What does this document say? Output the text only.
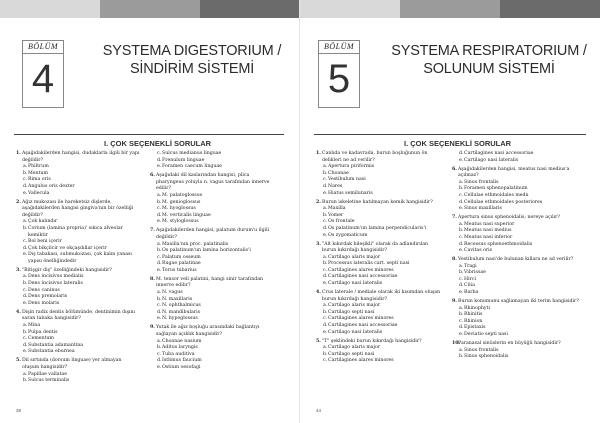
BÖLÜM
4
SYSTEMA DIGESTORIUM /
SİNDİRİM SİSTEMİ
I. ÇOK SEÇENEKLİ SORULAR
1. Aşağıdakilerden hangisi, dudaklarla ilgili bir yapı değildir?
a. Philtrum
b. Mentum
c. Rima oris
d. Angulus oris dexter
e. Vallecula
2. Ağız mukozası ile hareketsiz dişlerde, aşağıdakilerden hangisi gingiva'nın bir özelliği değildir?
a. Çok kalındır
b. Corium (lamina propria)' sıkıca alveolar kemiktir
c. Bol beni içerir
d. Çok bikçilcir ve okçaşdıllar içerir
e. Dış tabakası, submukozası, çok kalın yanası yapısı önelliğindedir
3. "Bitişgir diş" özelliğindeki hangisidir?
a. Dens incisivus medialis
b. Dens incisivus lateralis
c. Dens caninus
d. Dens premolaris
e. Dens molaris
4. Dişin radix dentis bölümünde, dentinimin dışını saran tabaka hangisidir?
a. Mina
b. Pulpa dentis
c. Cementum
d. Substantia adamantina
e. Substantia eburnea
5. Dil sırtında (dorsum linguae) yer almayan oluşum hangisidir?
a. Papillae vallatae
b. Sulcus terminalis
c. Sulcus medianus linguae
d. Frenulum linguae
e. Foramen caecum linguae
6. Aşağıdaki dil kaslarından hangisi, plica pharyngeus yoluyla n. vagus tarafından innerve edilir?
a. M. palatoglossus
b. M. genioglossus
c. M. hyoglossus
d. M. verticalis linguae
e. M. styloglossus
7. Aşağıdakilerden hangisi, palatum durum'u ilgili değildir?
a. Maxilla'nın proc. palatinalis
b. Os palatinum'un lamina horizontalis'i
c. Palatum osseum
d. Rugae palatinae
e. Torus tubarius
8. M. tensor veli palatini, hangi sinir tarafından innerve edilir?
a. N. vagus
b. N. maxillaris
c. N. ophthalmicus
d. N. mandibularis
e. N. hypoglossus
9. Yutak ile ağız boşluğu arasındaki bağlantıyı sağlayan açıklık hangisidir?
a. Choanae nasium
b. Aditus laryngis
c. Tuba auditiva
d. Isthmus faucium
e. Ostium oesofagi
38
BÖLÜM
5
SYSTEMA RESPIRATORIUM /
SOLUNUM SİSTEMİ
I. ÇOK SEÇENEKLİ SORULAR
1. Canlıda ve kadavrada, burun boşluğunun ön delikleri ne ad verilir?
a. Apertura piriformis
b. Choanae
c. Vestibulum nasi
d. Nares
e. Hiatus semilunaris
2. Burun iskeletine katılmayan kemik hangisidir?
a. Maxilla
b. Vomer
c. Os frontale
d. Os palatinum'un lamina perpendicularis'i
e. Os zygomaticum
3. "Alt kıkırdak bileşikli" olarak da adlandırılan burun kıkırdağı hangisidir?
a. Cartilago alaris major
b. Processus lateralis cart. septi nasi
c. Cartilagines alares minores
d. Cartilagines nasi accessoriae
e. Cartilago nasi lateralis
4. Crus laterale / mediale olarak iki kısımdan oluşan burun kıkırdağı hangisidir?
a. Cartilago alaris major
b. Cartilago septi nasi
c. Cartilagines alares minores
d. Cartilagines nasi accessoriae
e. Cartilago nasi lateralis
5. "T" şeklindeki burun kıkırdağı hangisidir?
a. Cartilago alaris major
b. Cartilago septi nasi
c. Cartilagines alares minores
d. Cartilagines nasi accessoriae
e. Cartilago nasi lateralis
6. Aşağıdakilerden hangisi, meatus nasi medius'a açılmaz?
a. Sinus frontalis
b. Foramen sphenopalatinum
c. Cellulae ethmoidales mediı
d. Cellulae ethmoidales posteriores
e. Sinus maxillaris
7. Apertura sinus sphenoidalis; nereye açılır?
a. Meatus nasi superior
b. Meatus nasi medius
c. Meatus nasi inferior
d. Recessus sphenoethmoidalis
e. Cavitas oris
8. Vestibulum nasi'de bulunan kıllara ne ad verilir?
a. Tragi
b. Vibrissae
c. Hirci
d. Cilia
e. Barba
9. Burun konumunu sağlamayan iki terim hangisidir?
a. Rhinophyti
b. Rhinitis
c. Rhinion
d. Epistaxis
e. Deviatio septi nasi
10.
Paranasal sinüslerin en büyüğü hangisidir?
a. Sinus frontalis
b. Sinus sphenoidalis
44
